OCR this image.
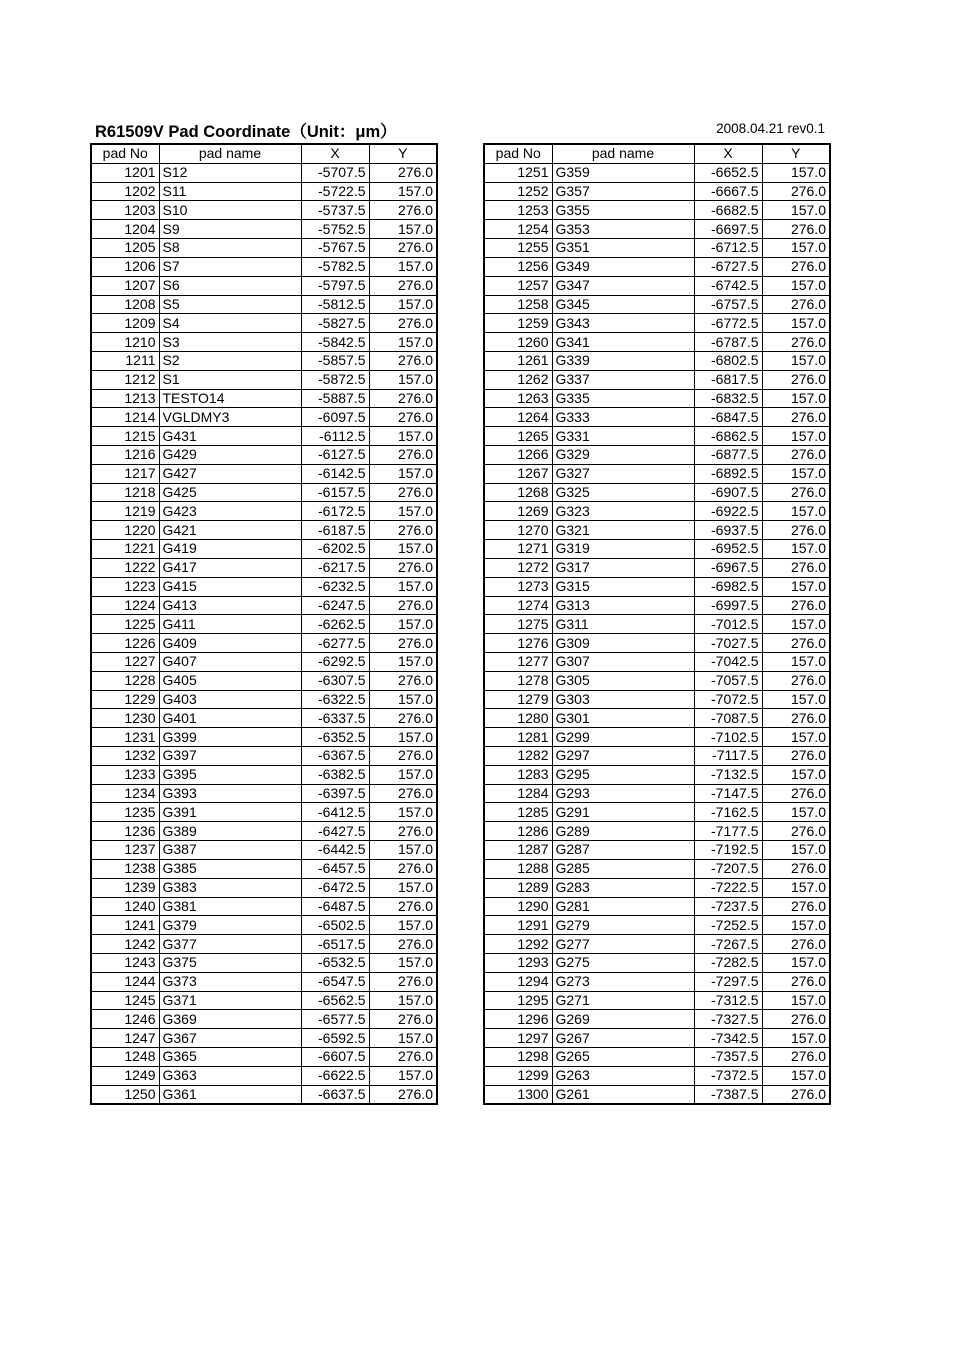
R61509V Pad Coordinate（Unit：μm）	2008.04.21 rev0.1
pad No	pad name	X	Y
1201	S12	-5707.5	276.0
1202	S11	-5722.5	157.0
1203	S10	-5737.5	276.0
1204	S9	-5752.5	157.0
1205	S8	-5767.5	276.0
1206	S7	-5782.5	157.0
1207	S6	-5797.5	276.0
1208	S5	-5812.5	157.0
1209	S4	-5827.5	276.0
1210	S3	-5842.5	157.0
1211	S2	-5857.5	276.0
1212	S1	-5872.5	157.0
1213	TESTO14	-5887.5	276.0
1214	VGLDMY3	-6097.5	276.0
1215	G431	-6112.5	157.0
1216	G429	-6127.5	276.0
1217	G427	-6142.5	157.0
1218	G425	-6157.5	276.0
1219	G423	-6172.5	157.0
1220	G421	-6187.5	276.0
1221	G419	-6202.5	157.0
1222	G417	-6217.5	276.0
1223	G415	-6232.5	157.0
1224	G413	-6247.5	276.0
1225	G411	-6262.5	157.0
1226	G409	-6277.5	276.0
1227	G407	-6292.5	157.0
1228	G405	-6307.5	276.0
1229	G403	-6322.5	157.0
1230	G401	-6337.5	276.0
1231	G399	-6352.5	157.0
1232	G397	-6367.5	276.0
1233	G395	-6382.5	157.0
1234	G393	-6397.5	276.0
1235	G391	-6412.5	157.0
1236	G389	-6427.5	276.0
1237	G387	-6442.5	157.0
1238	G385	-6457.5	276.0
1239	G383	-6472.5	157.0
1240	G381	-6487.5	276.0
1241	G379	-6502.5	157.0
1242	G377	-6517.5	276.0
1243	G375	-6532.5	157.0
1244	G373	-6547.5	276.0
1245	G371	-6562.5	157.0
1246	G369	-6577.5	276.0
1247	G367	-6592.5	157.0
1248	G365	-6607.5	276.0
1249	G363	-6622.5	157.0
1250	G361	-6637.5	276.0
pad No	pad name	X	Y
1251	G359	-6652.5	157.0
1252	G357	-6667.5	276.0
1253	G355	-6682.5	157.0
1254	G353	-6697.5	276.0
1255	G351	-6712.5	157.0
1256	G349	-6727.5	276.0
1257	G347	-6742.5	157.0
1258	G345	-6757.5	276.0
1259	G343	-6772.5	157.0
1260	G341	-6787.5	276.0
1261	G339	-6802.5	157.0
1262	G337	-6817.5	276.0
1263	G335	-6832.5	157.0
1264	G333	-6847.5	276.0
1265	G331	-6862.5	157.0
1266	G329	-6877.5	276.0
1267	G327	-6892.5	157.0
1268	G325	-6907.5	276.0
1269	G323	-6922.5	157.0
1270	G321	-6937.5	276.0
1271	G319	-6952.5	157.0
1272	G317	-6967.5	276.0
1273	G315	-6982.5	157.0
1274	G313	-6997.5	276.0
1275	G311	-7012.5	157.0
1276	G309	-7027.5	276.0
1277	G307	-7042.5	157.0
1278	G305	-7057.5	276.0
1279	G303	-7072.5	157.0
1280	G301	-7087.5	276.0
1281	G299	-7102.5	157.0
1282	G297	-7117.5	276.0
1283	G295	-7132.5	157.0
1284	G293	-7147.5	276.0
1285	G291	-7162.5	157.0
1286	G289	-7177.5	276.0
1287	G287	-7192.5	157.0
1288	G285	-7207.5	276.0
1289	G283	-7222.5	157.0
1290	G281	-7237.5	276.0
1291	G279	-7252.5	157.0
1292	G277	-7267.5	276.0
1293	G275	-7282.5	157.0
1294	G273	-7297.5	276.0
1295	G271	-7312.5	157.0
1296	G269	-7327.5	276.0
1297	G267	-7342.5	157.0
1298	G265	-7357.5	276.0
1299	G263	-7372.5	157.0
1300	G261	-7387.5	276.0
